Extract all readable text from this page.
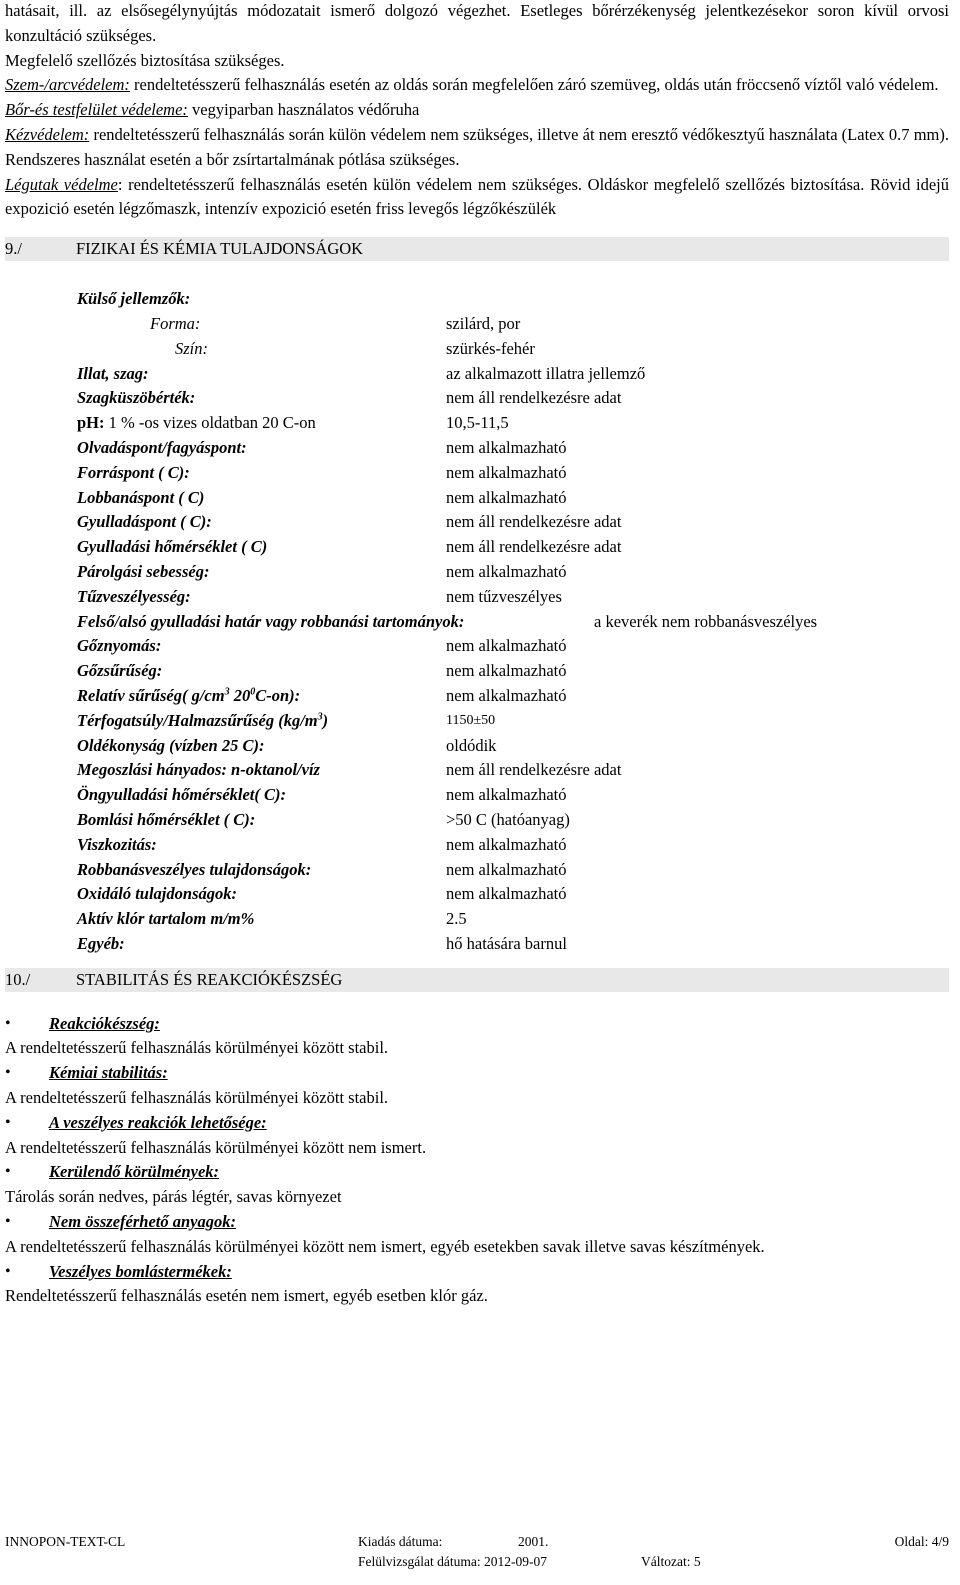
hatásait, ill. az elsősegélynyújtás módozatait ismerő dolgozó végezhet. Esetleges bőrérzékenység jelentkezésekor soron kívül orvosi konzultáció szükséges.

Megfelelő szellőzés biztosítása szükséges.

Szem-/arcvédelem: rendeltetésszerű felhasználás esetén az oldás során megfelelően záró szemüveg, oldás után fröccsenő víztől való védelem.

Bőr-és testfelület védeleme: vegyiparban használatos védőruha

Kézvédelem: rendeltetésszerű felhasználás során külön védelem nem szükséges, illetve át nem eresztő védőkesztyű használata (Latex 0.7 mm). Rendszeres használat esetén a bőr zsírtartalmának pótlása szükséges.

Légutak védelme: rendeltetésszerű felhasználás esetén külön védelem nem szükséges. Oldáskor megfelelő szellőzés biztosítása. Rövid idejű expozició esetén légzőmaszk, intenzív expozició esetén friss levegős légzőkészülék

9./	FIZIKAI ÉS KÉMIA TULAJDONSÁGOK
Külső jellemzők:
Forma:	szilárd, por
Szín:	szürkés-fehér
Illat, szag:	az alkalmazott illatra jellemző
Szagküszöbérték:	nem áll rendelkezésre adat
pH: 1 % -os vizes oldatban 20 C-on	10,5-11,5
Olvadáspont/fagyáspont:	nem alkalmazható
Forráspont ( C):	nem alkalmazható
Lobbanáspont ( C)	nem alkalmazható
Gyulladáspont ( C):	nem áll rendelkezésre adat
Gyulladási hőmérséklet ( C)	nem áll rendelkezésre adat
Párolgási sebesség:	nem alkalmazható
Tűzveszélyesség:	nem tűzveszélyes
Felső/alsó gyulladási határ vagy robbanási tartományok:	a keverék nem robbanásveszélyes
Gőznyomás:	nem alkalmazható
Gőzsűrűség:	nem alkalmazható
Relatív sűrűség( $g/cm^3$ $20^0C-on$):	nem alkalmazható
Térfogatsúly/Halmazsűrűség $(kg/m^3)$	1150±50
Oldékonyság (vízben 25 C):	oldódik
Megoszlási hányados: n-oktanol/víz	nem áll rendelkezésre adat
Öngyulladási hőmérséklet( C):	nem alkalmazható
Bomlási hőmérséklet ( C):	>50 C (hatóanyag)
Viszkozitás:	nem alkalmazható
Robbanásveszélyes tulajdonságok:	nem alkalmazható
Oxidáló tulajdonságok:	nem alkalmazható
Aktív klór tartalom m/m%	2.5
Egyéb:	hő hatására barnul
10./	STABILITÁS ÉS REAKCIÓKÉSZSÉG
• Reakciókészség:

A rendeltetésszerű felhasználás körülményei között stabil.

• Kémiai stabilitás:

A rendeltetésszerű felhasználás körülményei között stabil.

• A veszélyes reakciók lehetősége:

A rendeltetésszerű felhasználás körülményei között nem ismert.

• Kerülendő körülmények:

Tárolás során nedves, párás légtér, savas környezet

• Nem összeférhető anyagok:

A rendeltetésszerű felhasználás körülményei között nem ismert, egyéb esetekben savak illetve savas készítmények.

• Veszélyes bomlástermékek:

Rendeltetésszerű felhasználás esetén nem ismert, egyéb esetben klór gáz.

INNOPON-TEXT-CL	Kiadás dátuma:	2001.	Oldal: 4/9
Felülvizsgálat dátuma: 2012-09-07	Változat: 5
